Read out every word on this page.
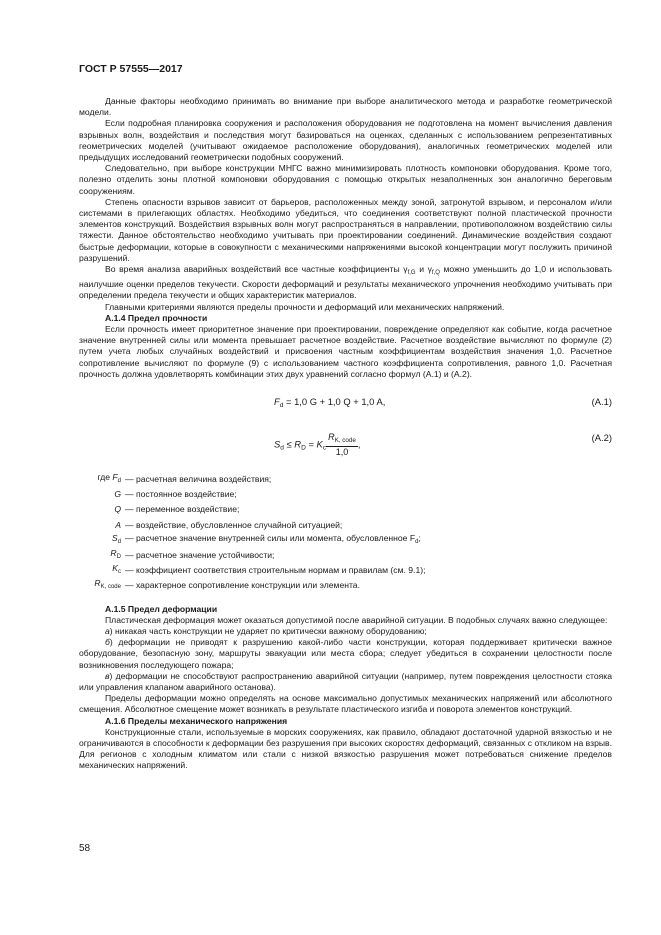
ГОСТ Р 57555—2017

Данные факторы необходимо принимать во внимание при выборе аналитического метода и разработке геометрической модели.

Если подробная планировка сооружения и расположения оборудования не подготовлена на момент вычисления давления взрывных волн, воздействия и последствия могут базироваться на оценках, сделанных с использованием репрезентативных геометрических моделей (учитывают ожидаемое расположение оборудования), аналогичных геометрических моделей или предыдущих исследований геометрически подобных сооружений.

Следовательно, при выборе конструкции МНГС важно минимизировать плотность компоновки оборудования. Кроме того, полезно отделить зоны плотной компоновки оборудования с помощью открытых незаполненных зон аналогично береговым сооружениям.

Степень опасности взрывов зависит от барьеров, расположенных между зоной, затронутой взрывом, и персоналом и/или системами в прилегающих областях. Необходимо убедиться, что соединения соответствуют полной пластической прочности элементов конструкций. Воздействия взрывных волн могут распространяться в направлении, противоположном воздействию силы тяжести. Данное обстоятельство необходимо учитывать при проектировании соединений. Динамические воздействия создают быстрые деформации, которые в совокупности с механическими напряжениями высокой концентрации могут послужить причиной разрушений.

Во время анализа аварийных воздействий все частные коэффициенты $\gamma_{f,G}$ и $\gamma_{f,Q}$ можно уменьшить до 1,0 и использовать наилучшие оценки пределов текучести. Скорости деформаций и результаты механического упрочнения необходимо учитывать при определении предела текучести и общих характеристик материалов.

Главными критериями являются пределы прочности и деформаций или механических напряжений.

А.1.4 Предел прочности

Если прочность имеет приоритетное значение при проектировании, повреждение определяют как событие, когда расчетное значение внутренней силы или момента превышает расчетное воздействие. Расчетное воздействие вычисляют по формуле (2) путем учета любых случайных воздействий и присвоения частным коэффициентам воздействия значения 1,0. Расчетное сопротивление вычисляют по формуле (9) с использованием частного коэффициента сопротивления, равного 1,0. Расчетная прочность должна удовлетворять комбинации этих двух уравнений согласно формул (А.1) и (А.2).

$F_d = 1,0$ G + 1,0 Q + 1,0 A,	(А.1)
$S_d \le R_D = K_c \frac{R_{K, code}}{1,0}$ ,
(А.2)
где $F_d$ — расчетная величина воздействия;
G — постоянное воздействие;
Q — переменное воздействие;
A — воздействие, обусловленное случайной ситуацией;
$S_d$ — расчетное значение внутренней силы или момента, обусловленное $F_d$;
$R_D$ — расчетное значение устойчивости;
$K_c$ — коэффициент соответствия строительным нормам и правилам (см. 9.1);
$R_{K, code}$ — характерное сопротивление конструкции или элемента.

А.1.5 Предел деформации

Пластическая деформация может оказаться допустимой после аварийной ситуации. В подобных случаях важно следующее:

а) никакая часть конструкции не ударяет по критически важному оборудованию;

б) деформации не приводят к разрушению какой-либо части конструкции, которая поддерживает критически важное оборудование, безопасную зону, маршруты эвакуации или места сбора; следует убедиться в сохранении целостности после возникновения последующего пожара;

в) деформации не способствуют распространению аварийной ситуации (например, путем повреждения целостности стояка или управления клапаном аварийного останова).

Пределы деформации можно определять на основе максимально допустимых механических напряжений или абсолютного смещения. Абсолютное смещение может возникать в результате пластического изгиба и поворота элементов конструкций.

А.1.6 Пределы механического напряжения

Конструкционные стали, используемые в морских сооружениях, как правило, обладают достаточной ударной вязкостью и не ограничиваются в способности к деформации без разрушения при высоких скоростях деформаций, связанных с откликом на взрыв. Для регионов с холодным климатом или стали с низкой вязкостью разрушения может потребоваться снижение пределов механических напряжений.

58
